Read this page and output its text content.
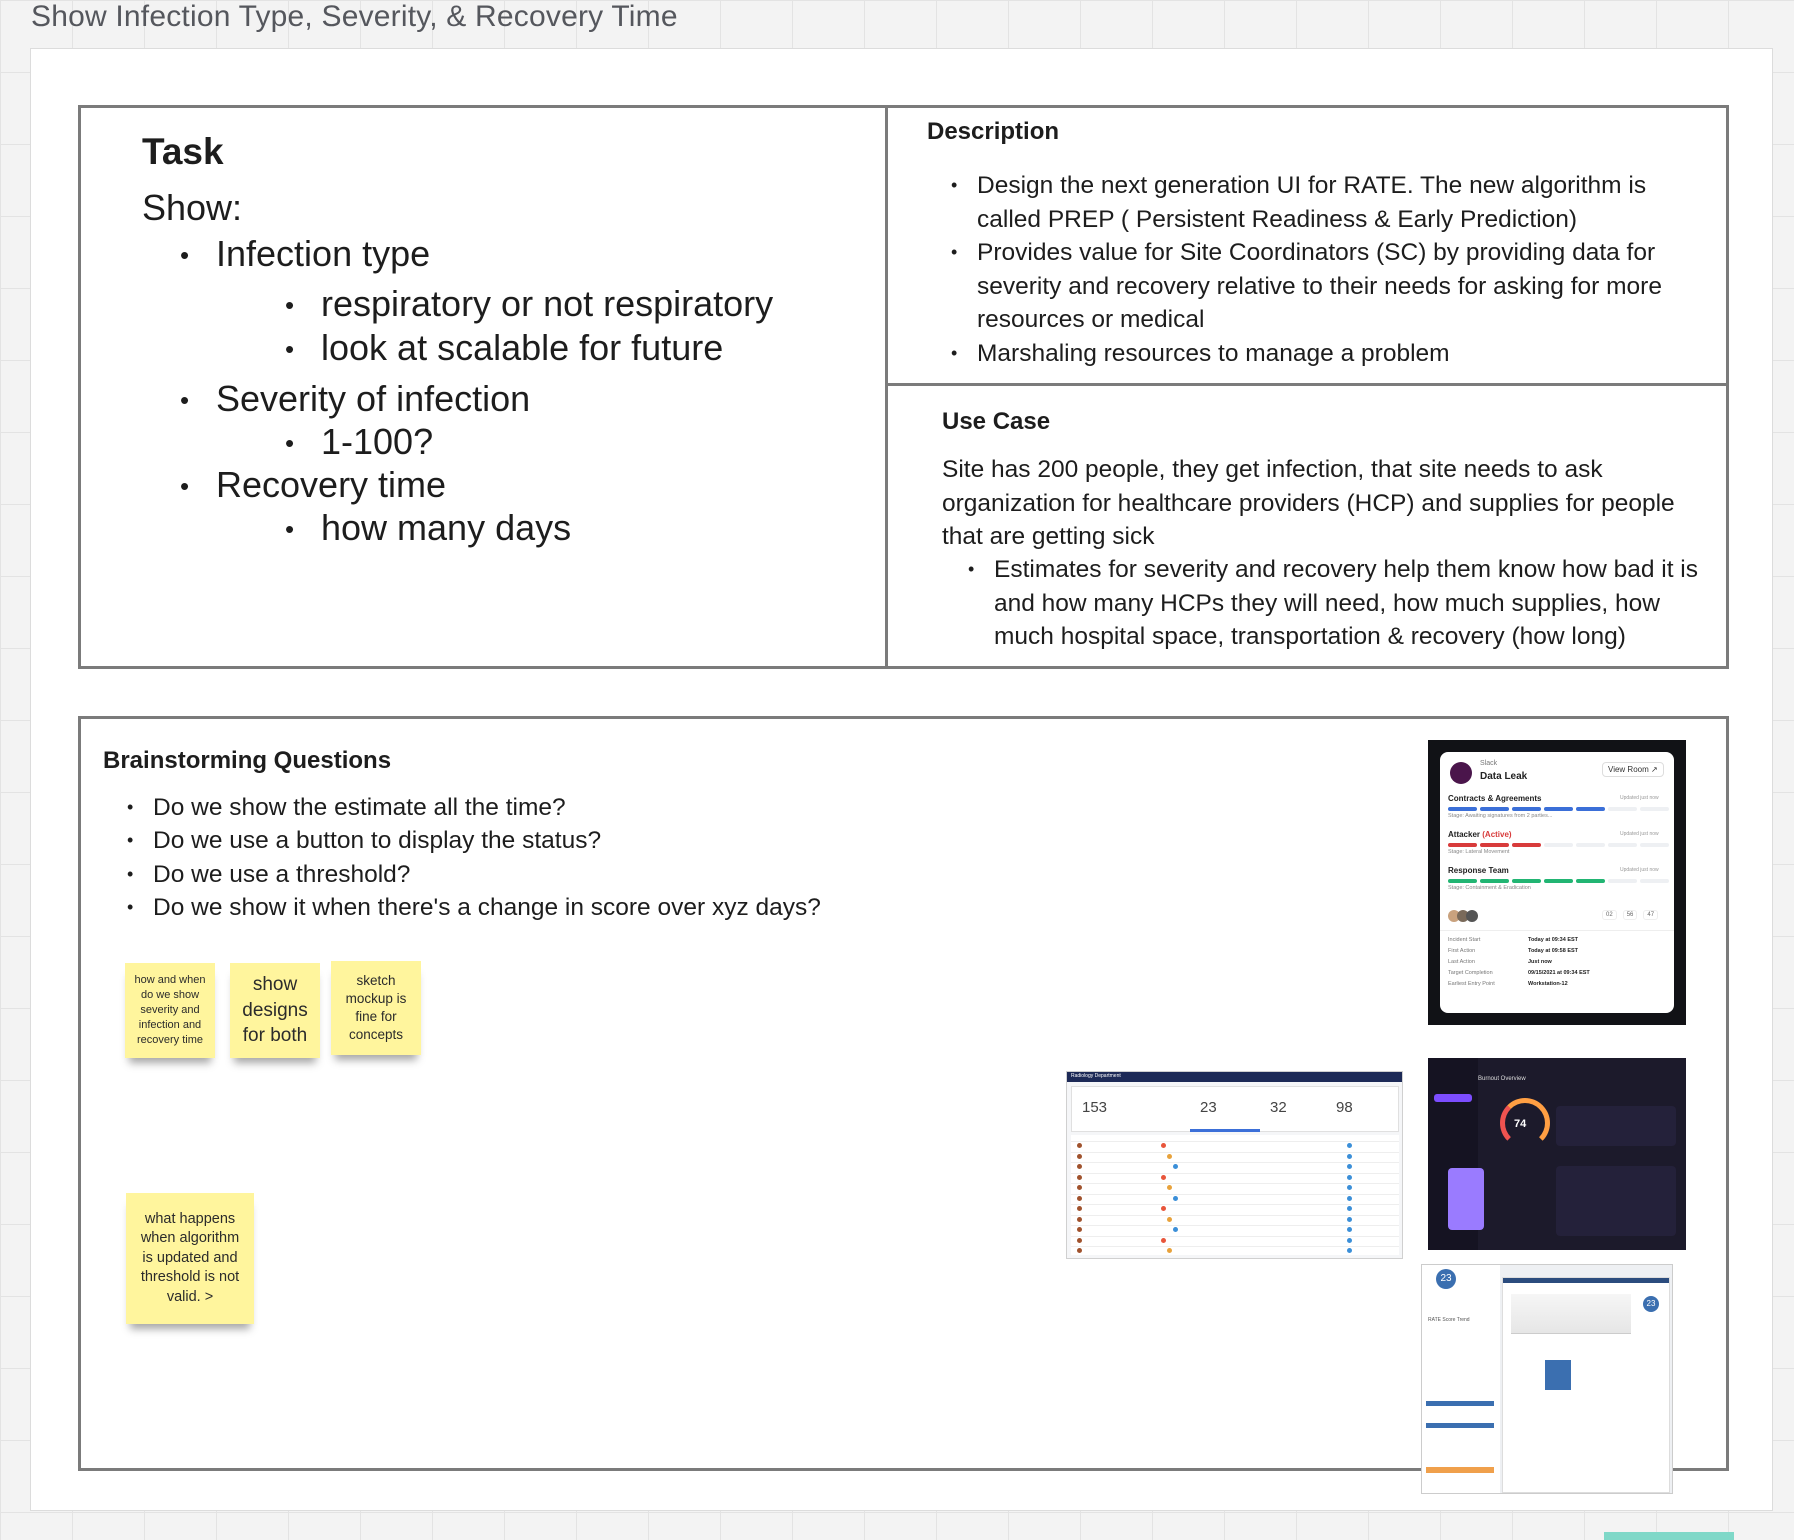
Show Infection Type, Severity, & Recovery Time
Task
Show:
• Infection type
• respiratory or not respiratory
• look at scalable for future
• Severity of infection
• 1-100?
• Recovery time
• how many days
Description
• Design the next generation UI for RATE. The new algorithm is called PREP ( Persistent Readiness & Early Prediction)
• Provides value for Site Coordinators (SC) by providing data for severity and recovery relative to their needs for asking for more resources or medical
• Marshaling resources to manage a problem
Use Case
Site has 200 people, they get infection, that site needs to ask organization for healthcare providers (HCP) and supplies for people that are getting sick
• Estimates for severity and recovery help them know how bad it is and how many HCPs they will need, how much supplies, how much hospital space, transportation & recovery (how long)
Brainstorming Questions
• Do we show the estimate all the time?
• Do we use a button to display the status?
• Do we use a threshold?
• Do we show it when there's a change in score over xyz days?
how and when do we show severity and infection and recovery time
show designs for both
sketch mockup is fine for concepts
what happens when algorithm is updated and threshold is not valid. >
Slack
Data Leak
View Room ↗
Contracts & Agreements	Updated just now
Stage: Awaiting signatures from 2 parties...
Attacker (Active)	Updated just now
Stage: Lateral Movement
Response Team	Updated just now
Stage: Containment & Eradication
02	56	47
Incident Start	Today at 09:34 EST
First Action	Today at 09:58 EST
Last Action	Just now
Target Completion	09/15/2021 at 09:34 EST
Earliest Entry Point	Workstation-12
Radiology Department
153	23	32	98
Burnout Overview
74
23
RATE Score Trend
23
